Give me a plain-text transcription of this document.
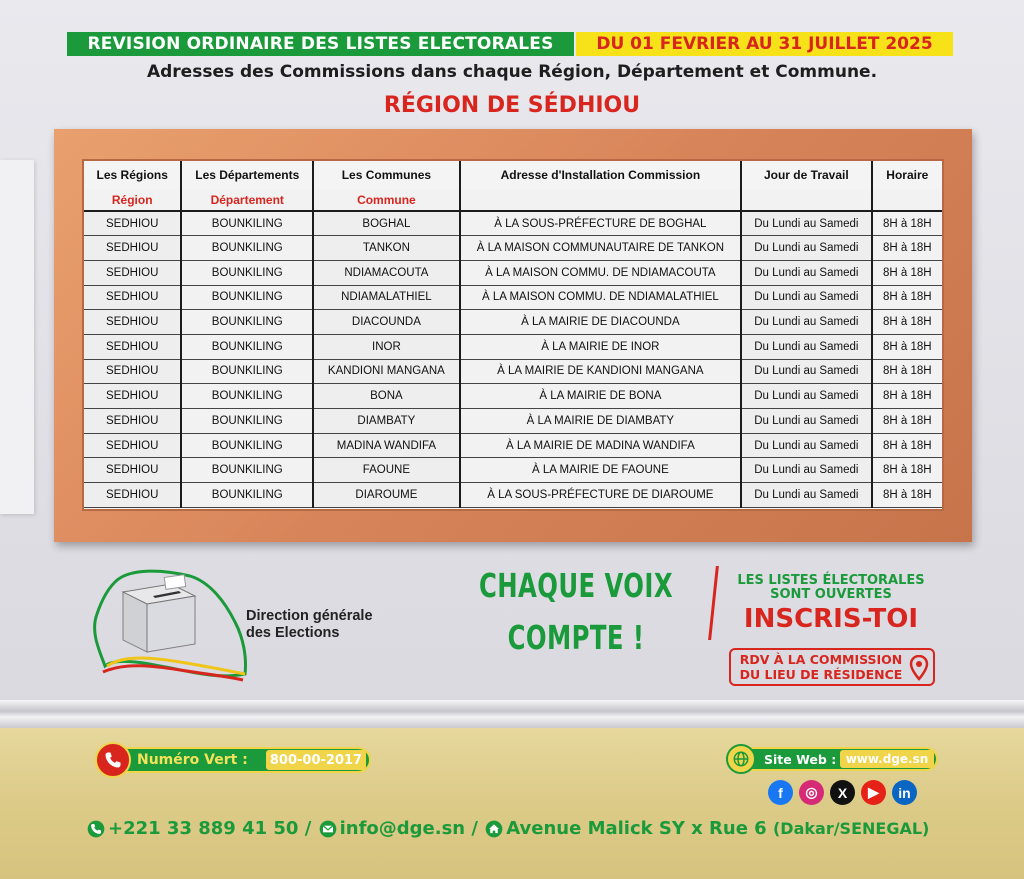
REVISION ORDINAIRE DES LISTES ELECTORALES	DU 01 FEVRIER AU 31 JUILLET 2025
Adresses des Commissions dans chaque Région, Département et Commune.
RÉGION DE SÉDHIOU
Les Régions	Les Départements	Les Communes	Adresse d'Installation Commission	Jour de Travail	Horaire
Région	Département	Commune			
SEDHIOU	BOUNKILING	BOGHAL	À LA SOUS-PRÉFECTURE DE BOGHAL	Du Lundi au Samedi	8H à 18H
SEDHIOU	BOUNKILING	TANKON	À LA MAISON COMMUNAUTAIRE DE TANKON	Du Lundi au Samedi	8H à 18H
SEDHIOU	BOUNKILING	NDIAMACOUTA	À LA MAISON COMMU. DE NDIAMACOUTA	Du Lundi au Samedi	8H à 18H
SEDHIOU	BOUNKILING	NDIAMALATHIEL	À LA MAISON COMMU. DE NDIAMALATHIEL	Du Lundi au Samedi	8H à 18H
SEDHIOU	BOUNKILING	DIACOUNDA	À LA MAIRIE DE DIACOUNDA	Du Lundi au Samedi	8H à 18H
SEDHIOU	BOUNKILING	INOR	À LA MAIRIE DE INOR	Du Lundi au Samedi	8H à 18H
SEDHIOU	BOUNKILING	KANDIONI MANGANA	À LA MAIRIE DE KANDIONI MANGANA	Du Lundi au Samedi	8H à 18H
SEDHIOU	BOUNKILING	BONA	À LA MAIRIE DE BONA	Du Lundi au Samedi	8H à 18H
SEDHIOU	BOUNKILING	DIAMBATY	À LA MAIRIE DE DIAMBATY	Du Lundi au Samedi	8H à 18H
SEDHIOU	BOUNKILING	MADINA WANDIFA	À LA MAIRIE DE MADINA WANDIFA	Du Lundi au Samedi	8H à 18H
SEDHIOU	BOUNKILING	FAOUNE	À LA MAIRIE DE FAOUNE	Du Lundi au Samedi	8H à 18H
SEDHIOU	BOUNKILING	DIAROUME	À LA SOUS-PRÉFECTURE DE DIAROUME	Du Lundi au Samedi	8H à 18H
Direction générale
des Elections
CHAQUE VOIX
COMPTE !
LES LISTES ÉLECTORALES
SONT OUVERTES
INSCRIS-TOI
RDV À LA COMMISSION
DU LIEU DE RÉSIDENCE
Numéro Vert : 800-00-2017	Site Web : www.dge.sn
f	◎	X	▶	in
+221 33 889 41 50 /
info@dge.sn /
Avenue Malick SY x Rue 6
(Dakar/SENEGAL)
